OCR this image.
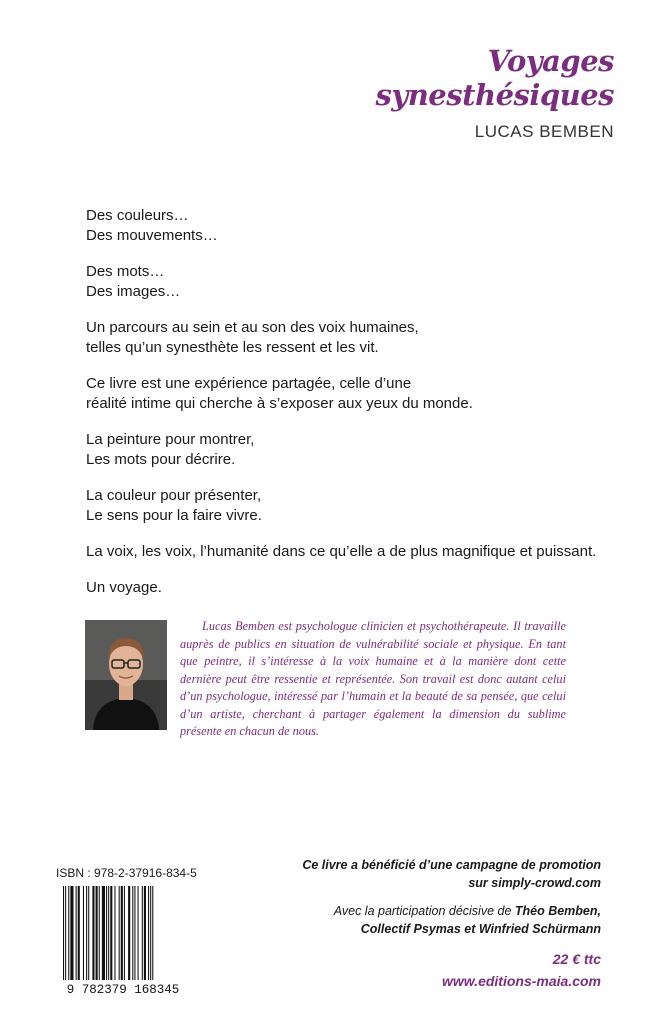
Voyages
synesthésiques
LUCAS BEMBEN

Des couleurs…
Des mouvements…

Des mots…
Des images…

Un parcours au sein et au son des voix humaines,
telles qu’un synesthète les ressent et les vit.

Ce livre est une expérience partagée, celle d’une
réalité intime qui cherche à s’exposer aux yeux du monde.

La peinture pour montrer,
Les mots pour décrire.

La couleur pour présenter,
Le sens pour la faire vivre.

La voix, les voix, l’humanité dans ce qu’elle a de plus magnifique et puissant.

Un voyage.

Lucas Bemben est psychologue clinicien et psychothérapeute. Il travaille auprès de publics en situation de vulnérabilité sociale et physique. En tant que peintre, il s’intéresse à la voix humaine et à la manière dont cette dernière peut être ressentie et représentée. Son travail est donc autant celui d’un psychologue, intéressé par l’humain et la beauté de sa pensée, que celui d’un artiste, cherchant à partager également la dimension du sublime présente en chacun de nous.
ISBN : 978-2-37916-834-5
9 782379 168345
Ce livre a bénéficié d’une campagne de promotion
sur simply-crowd.com
Avec la participation décisive de Théo Bemben,
Collectif Psymas et Winfried Schürmann
22 € ttc
www.editions-maia.com
